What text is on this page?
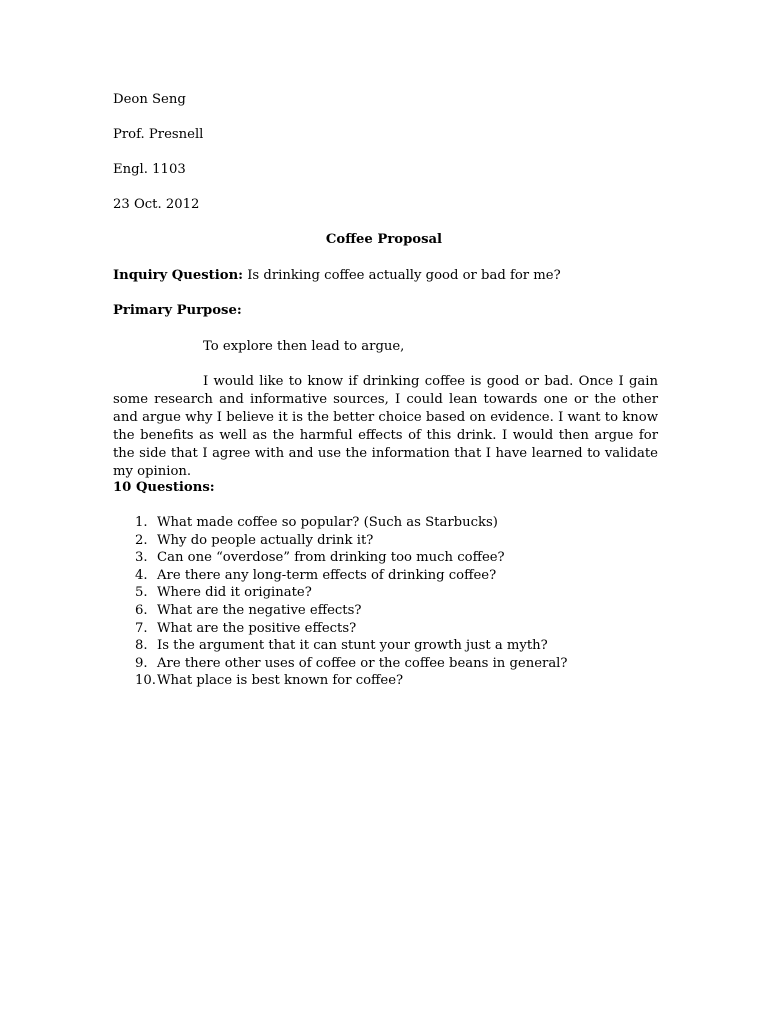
Deon Seng
Prof. Presnell
Engl. 1103
23 Oct. 2012
Coffee Proposal
Inquiry Question: Is drinking coffee actually good or bad for me?
Primary Purpose:
To explore then lead to argue,
I would like to know if drinking coffee is good or bad. Once I gain some research and informative sources, I could lean towards one or the other and argue why I believe it is the better choice based on evidence. I want to know the benefits as well as the harmful effects of this drink. I would then argue for the side that I agree with and use the information that I have learned to validate my opinion.
10 Questions:
1. What made coffee so popular? (Such as Starbucks)
2. Why do people actually drink it?
3. Can one “overdose” from drinking too much coffee?
4. Are there any long-term effects of drinking coffee?
5. Where did it originate?
6. What are the negative effects?
7. What are the positive effects?
8. Is the argument that it can stunt your growth just a myth?
9. Are there other uses of coffee or the coffee beans in general?
10.What place is best known for coffee?
